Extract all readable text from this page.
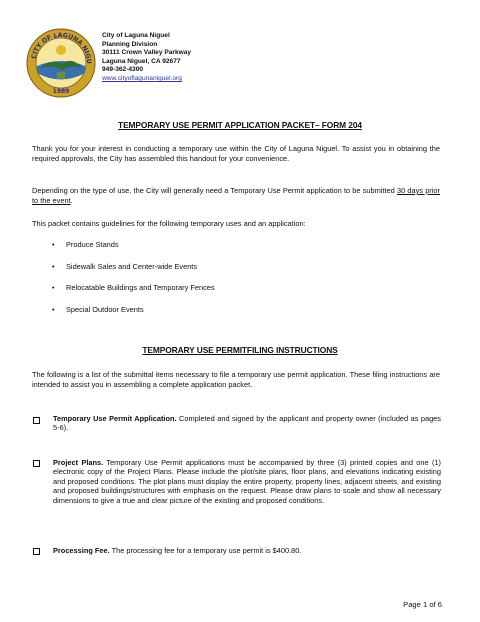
CITY OF LAGUNA NIGU
1989
City of Laguna Niguel
Planning Division
30111 Crown Valley Parkway
Laguna Niguel, CA 92677
949-362-4300
www.cityoflagunaniguel.org
TEMPORARY USE PERMIT APPLICATION PACKET– FORM 204
Thank you for your interest in conducting a temporary use within the City of Laguna Niguel. To assist you in obtaining the required approvals, the City has assembled this handout for your convenience.
Depending on the type of use, the City will generally need a Temporary Use Permit application to be submitted 30 days prior to the event.
This packet contains guidelines for the following temporary uses and an application:
• Produce Stands
• Sidewalk Sales and Center-wide Events
• Relocatable Buildings and Temporary Fences
• Special Outdoor Events
TEMPORARY USE PERMITFILING INSTRUCTIONS
The following is a list of the submittal items necessary to file a temporary use permit application. These filing instructions are intended to assist you in assembling a complete application packet.
Temporary Use Permit Application. Completed and signed by the applicant and property owner (included as pages 5-6).
Project Plans. Temporary Use Permit applications must be accompanied by three (3) printed copies and one (1) electronic copy of the Project Plans. Please include the plot/site plans, floor plans, and elevations indicating existing and proposed conditions. The plot plans must display the entire property, property lines, adjacent streets, and existing and proposed buildings/structures with emphasis on the request. Please draw plans to scale and show all necessary dimensions to give a true and clear picture of the existing and proposed conditions.
Processing Fee. The processing fee for a temporary use permit is $400.80.
Page 1 of 6
